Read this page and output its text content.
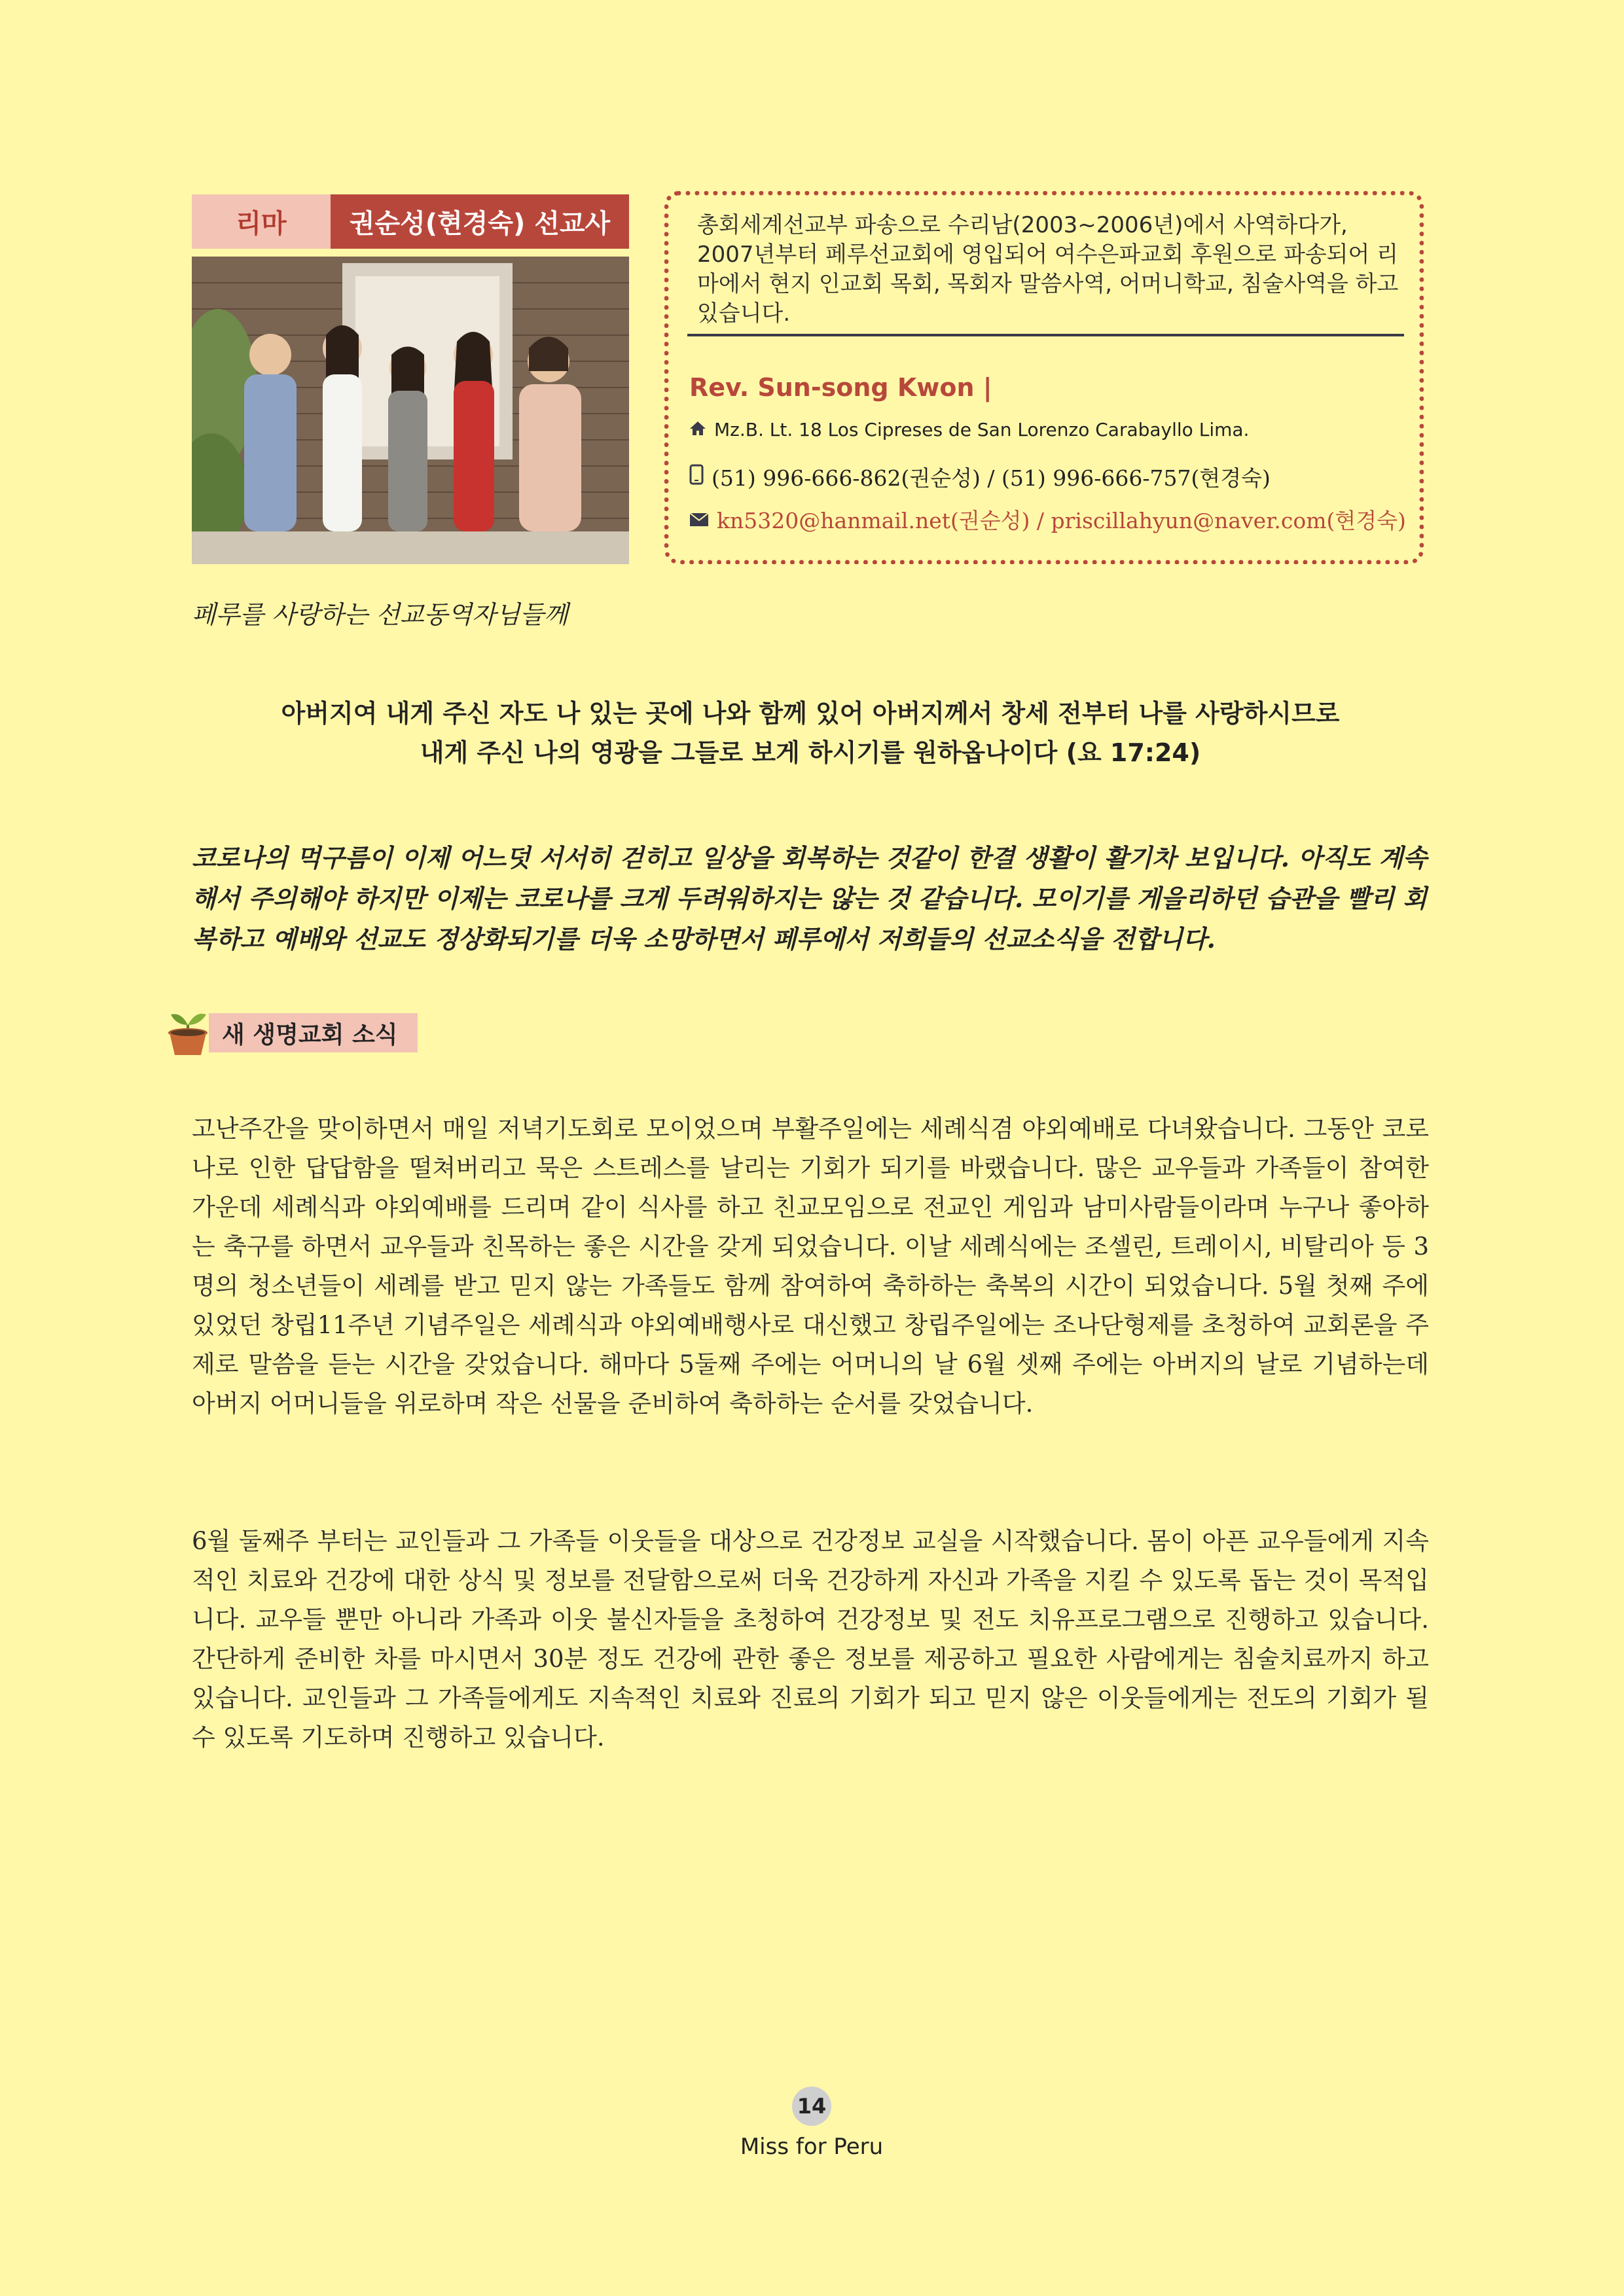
리마	권순성(현경숙) 선교사	총회세계선교부 파송으로 수리남(2003~2006년)에서 사역하다가, 2007년부터 페루선교회에 영입되어 여수은파교회 후원으로 파송되어 리마에서 현지 인교회 목회, 목회자 말씀사역, 어머니학교, 침술사역을 하고 있습니다.
Rev. Sun-song Kwon |
Mz.B. Lt. 18 Los Cipreses de San Lorenzo Carabayllo Lima.
(51) 996-666-862(권순성) / (51) 996-666-757(현경숙)
kn5320@hanmail.net(권순성) / priscillahyun@naver.com(현경숙)
페루를 사랑하는 선교동역자님들께
아버지여 내게 주신 자도 나 있는 곳에 나와 함께 있어 아버지께서 창세 전부터 나를 사랑하시므로
내게 주신 나의 영광을 그들로 보게 하시기를 원하옵나이다 (요 17:24)
코로나의 먹구름이 이제 어느덧 서서히 걷히고 일상을 회복하는 것같이 한결 생활이 활기차 보입니다. 아직도 계속해서 주의해야 하지만 이제는 코로나를 크게 두려워하지는 않는 것 같습니다. 모이기를 게을리하던 습관을 빨리 회복하고 예배와 선교도 정상화되기를 더욱 소망하면서 페루에서 저희들의 선교소식을 전합니다.
새 생명교회 소식
고난주간을 맞이하면서 매일 저녁기도회로 모이었으며 부활주일에는 세례식겸 야외예배로 다녀왔습니다. 그동안 코로나로 인한 답답함을 떨쳐버리고 묵은 스트레스를 날리는 기회가 되기를 바랬습니다. 많은 교우들과 가족들이 참여한 가운데 세례식과 야외예배를 드리며 같이 식사를 하고 친교모임으로 전교인 게임과 남미사람들이라며 누구나 좋아하는 축구를 하면서 교우들과 친목하는 좋은 시간을 갖게 되었습니다. 이날 세례식에는 조셀린, 트레이시, 비탈리아 등 3명의 청소년들이 세례를 받고 믿지 않는 가족들도 함께 참여하여 축하하는 축복의 시간이 되었습니다. 5월 첫째 주에 있었던 창립11주년 기념주일은 세례식과 야외예배행사로 대신했고 창립주일에는 조나단형제를 초청하여 교회론을 주제로 말씀을 듣는 시간을 갖었습니다. 해마다 5둘째 주에는 어머니의 날 6월 셋째 주에는 아버지의 날로 기념하는데 아버지 어머니들을 위로하며 작은 선물을 준비하여 축하하는 순서를 갖었습니다.
6월 둘째주 부터는 교인들과 그 가족들 이웃들을 대상으로 건강정보 교실을 시작했습니다. 몸이 아픈 교우들에게 지속적인 치료와 건강에 대한 상식 및 정보를 전달함으로써 더욱 건강하게 자신과 가족을 지킬 수 있도록 돕는 것이 목적입니다. 교우들 뿐만 아니라 가족과 이웃 불신자들을 초청하여 건강정보 및 전도 치유프로그램으로 진행하고 있습니다. 간단하게 준비한 차를 마시면서 30분 정도 건강에 관한 좋은 정보를 제공하고 필요한 사람에게는 침술치료까지 하고 있습니다. 교인들과 그 가족들에게도 지속적인 치료와 진료의 기회가 되고 믿지 않은 이웃들에게는 전도의 기회가 될 수 있도록 기도하며 진행하고 있습니다.
14
Miss for Peru
